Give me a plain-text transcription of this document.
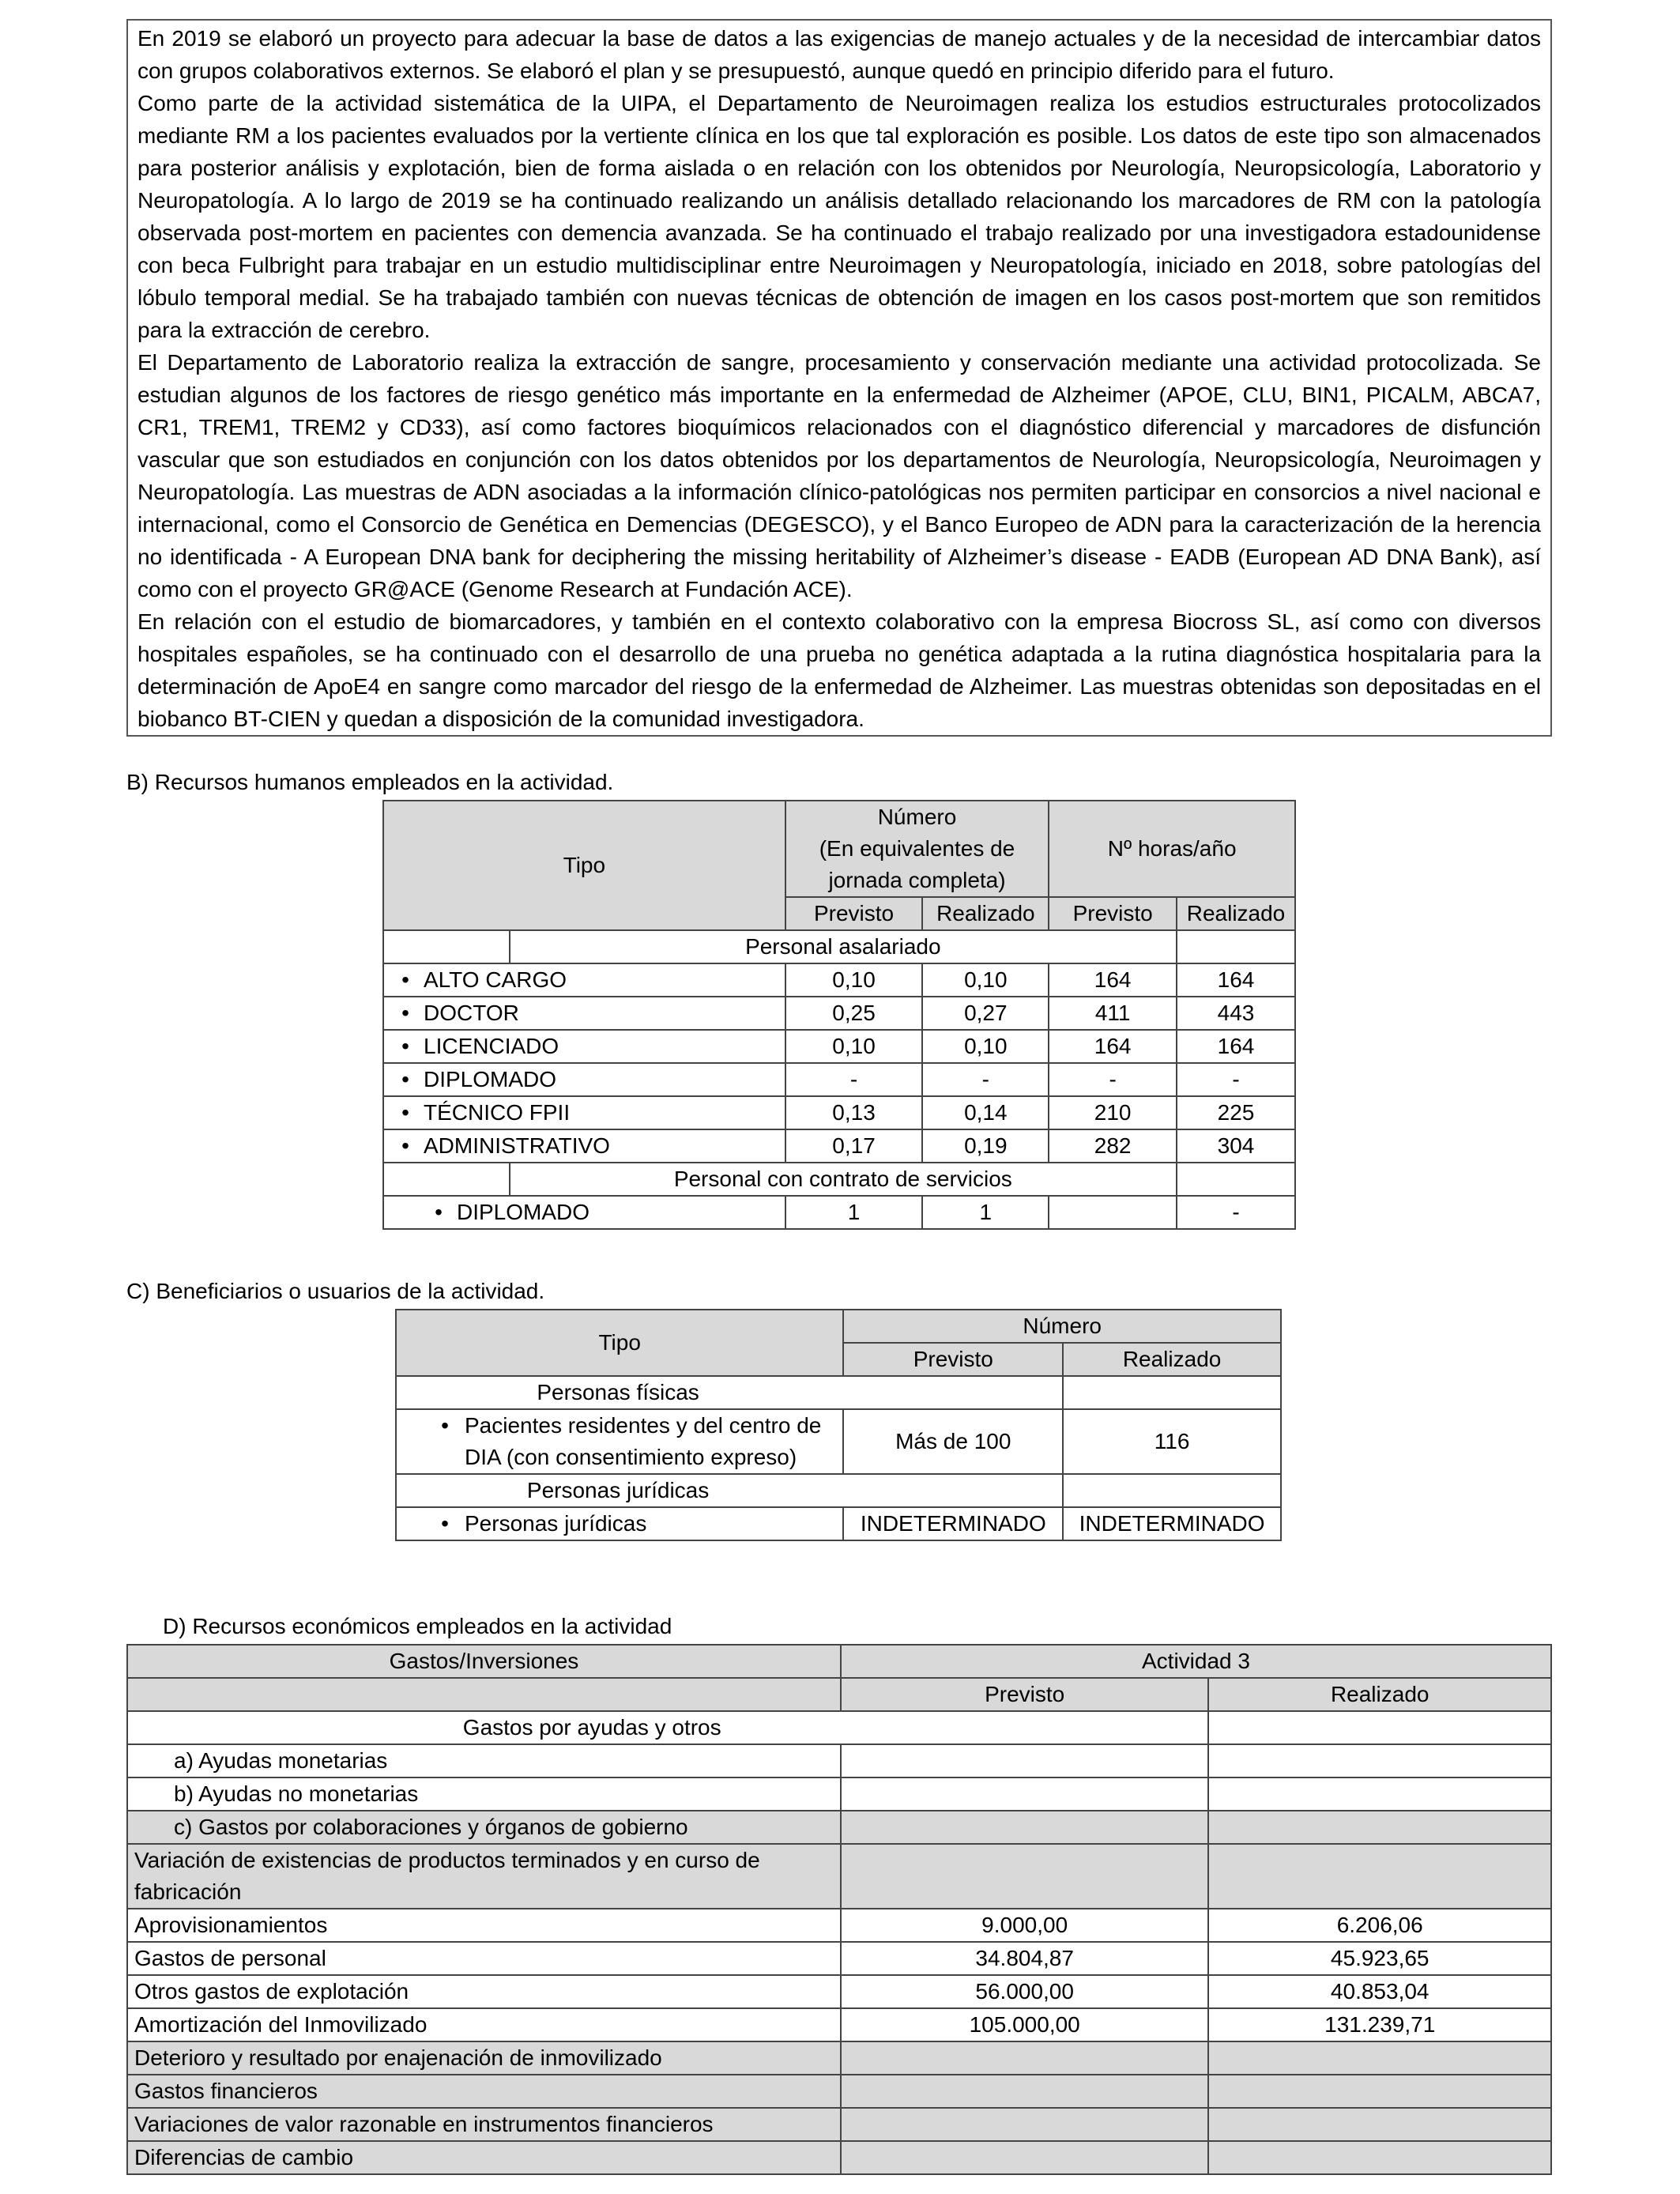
En 2019 se elaboró un proyecto para adecuar la base de datos a las exigencias de manejo actuales y de la necesidad de intercambiar datos con grupos colaborativos externos. Se elaboró el plan y se presupuestó, aunque quedó en principio diferido para el futuro.

Como parte de la actividad sistemática de la UIPA, el Departamento de Neuroimagen realiza los estudios estructurales protocolizados mediante RM a los pacientes evaluados por la vertiente clínica en los que tal exploración es posible. Los datos de este tipo son almacenados para posterior análisis y explotación, bien de forma aislada o en relación con los obtenidos por Neurología, Neuropsicología, Laboratorio y Neuropatología. A lo largo de 2019 se ha continuado realizando un análisis detallado relacionando los marcadores de RM con la patología observada post-mortem en pacientes con demencia avanzada. Se ha continuado el trabajo realizado por una investigadora estadounidense con beca Fulbright para trabajar en un estudio multidisciplinar entre Neuroimagen y Neuropatología, iniciado en 2018, sobre patologías del lóbulo temporal medial. Se ha trabajado también con nuevas técnicas de obtención de imagen en los casos post-mortem que son remitidos para la extracción de cerebro.

El Departamento de Laboratorio realiza la extracción de sangre, procesamiento y conservación mediante una actividad protocolizada. Se estudian algunos de los factores de riesgo genético más importante en la enfermedad de Alzheimer (APOE, CLU, BIN1, PICALM, ABCA7, CR1, TREM1, TREM2 y CD33), así como factores bioquímicos relacionados con el diagnóstico diferencial y marcadores de disfunción vascular que son estudiados en conjunción con los datos obtenidos por los departamentos de Neurología, Neuropsicología, Neuroimagen y Neuropatología. Las muestras de ADN asociadas a la información clínico-patológicas nos permiten participar en consorcios a nivel nacional e internacional, como el Consorcio de Genética en Demencias (DEGESCO), y el Banco Europeo de ADN para la caracterización de la herencia no identificada - A European DNA bank for deciphering the missing heritability of Alzheimer’s disease - EADB (European AD DNA Bank), así como con el proyecto GR@ACE (Genome Research at Fundación ACE).

En relación con el estudio de biomarcadores, y también en el contexto colaborativo con la empresa Biocross SL, así como con diversos hospitales españoles, se ha continuado con el desarrollo de una prueba no genética adaptada a la rutina diagnóstica hospitalaria para la determinación de ApoE4 en sangre como marcador del riesgo de la enfermedad de Alzheimer. Las muestras obtenidas son depositadas en el biobanco BT-CIEN y quedan a disposición de la comunidad investigadora.

B) Recursos humanos empleados en la actividad.
Tipo		Número
(En equivalentes de jornada completa)		Nº horas/año	
		Previsto	Realizado	Previsto	Realizado
	Personal asalariado				
• ALTO CARGO		0,10	0,10	164	164
• DOCTOR		0,25	0,27	411	443
• LICENCIADO		0,10	0,10	164	164
• DIPLOMADO		-	-	-	-
• TÉCNICO FPII		0,13	0,14	210	225
• ADMINISTRATIVO		0,17	0,19	282	304
	Personal con contrato de servicios				
• DIPLOMADO		1	1		-
C) Beneficiarios o usuarios de la actividad.
Tipo	Número	
	Previsto	Realizado
Personas físicas		
• Pacientes residentes y del centro de DIA (con consentimiento expreso)	Más de 100	116
Personas jurídicas		
• Personas jurídicas	INDETERMINADO	INDETERMINADO
D) Recursos económicos empleados en la actividad
Gastos/Inversiones	Actividad 3	
	Previsto	Realizado
Gastos por ayudas y otros		
a) Ayudas monetarias		
b) Ayudas no monetarias		
c) Gastos por colaboraciones y órganos de gobierno		
Variación de existencias de productos terminados y en curso de fabricación		
Aprovisionamientos	9.000,00	6.206,06
Gastos de personal	34.804,87	45.923,65
Otros gastos de explotación	56.000,00	40.853,04
Amortización del Inmovilizado	105.000,00	131.239,71
Deterioro y resultado por enajenación de inmovilizado		
Gastos financieros		
Variaciones de valor razonable en instrumentos financieros		
Diferencias de cambio		
